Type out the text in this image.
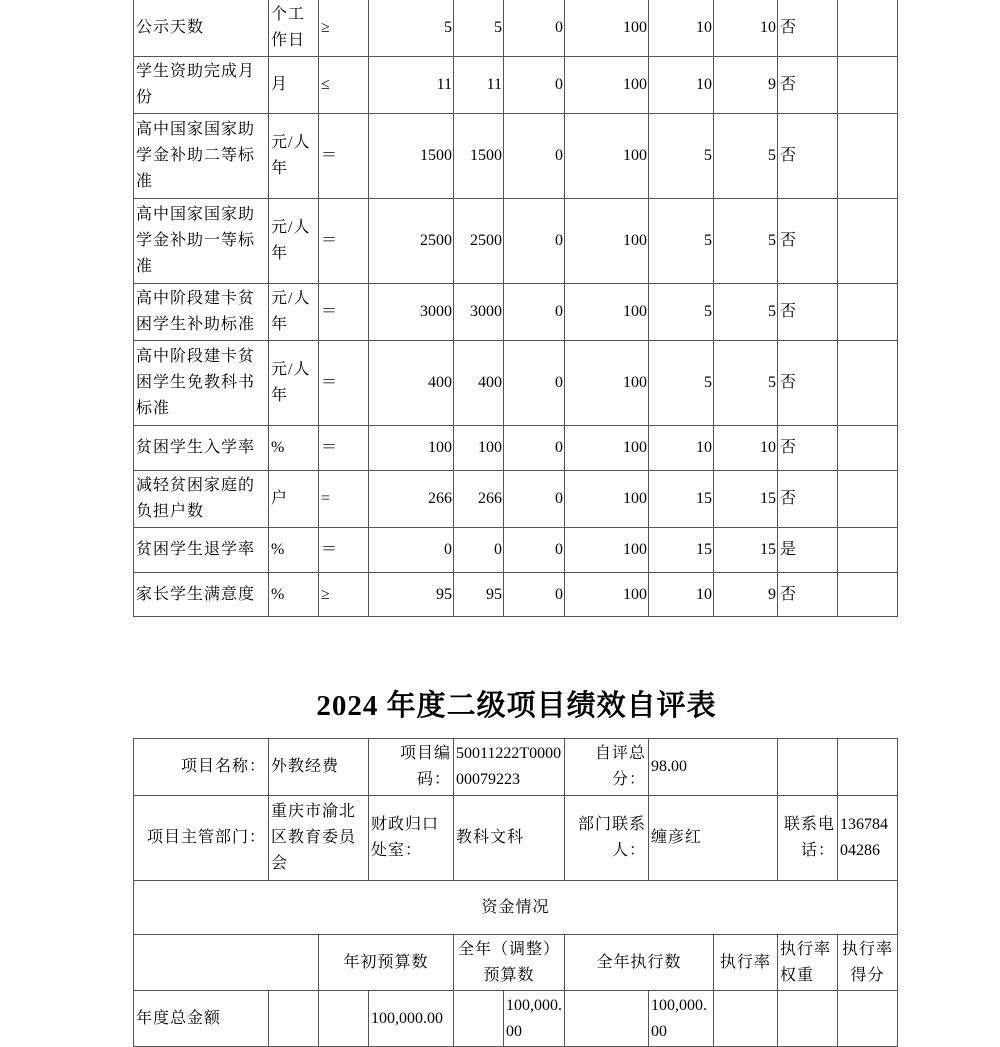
公示天数	个工作日	≥	5	5	0	100	10	10	否	
学生资助完成月份	月	≤	11	11	0	100	10	9	否	
高中国家国家助学金补助二等标准	元/人年	＝	1500	1500	0	100	5	5	否	
高中国家国家助学金补助一等标准	元/人年	＝	2500	2500	0	100	5	5	否	
高中阶段建卡贫困学生补助标准	元/人年	＝	3000	3000	0	100	5	5	否	
高中阶段建卡贫困学生免教科书标准	元/人年	＝	400	400	0	100	5	5	否	
贫困学生入学率	%	＝	100	100	0	100	10	10	否	
减轻贫困家庭的负担户数	户	=	266	266	0	100	15	15	否	
贫困学生退学率	%	＝	0	0	0	100	15	15	是	
家长学生满意度	%	≥	95	95	0	100	10	9	否	
2024 年度二级项目绩效自评表
项目名称：	外教经费		项目编码：	50011222T000000079223		自评总分：	98.00			
项目主管部门：	重庆市渝北区教育委员会		财政归口处室：	教科文科		部门联系人：	缠彦红		联系电话：	13678404286
资金情况										
		年初预算数		全年（调整）预算数		全年执行数		执行率	执行率权重	执行率得分
年度总金额			100,000.00		100,000.00		100,000.00			
